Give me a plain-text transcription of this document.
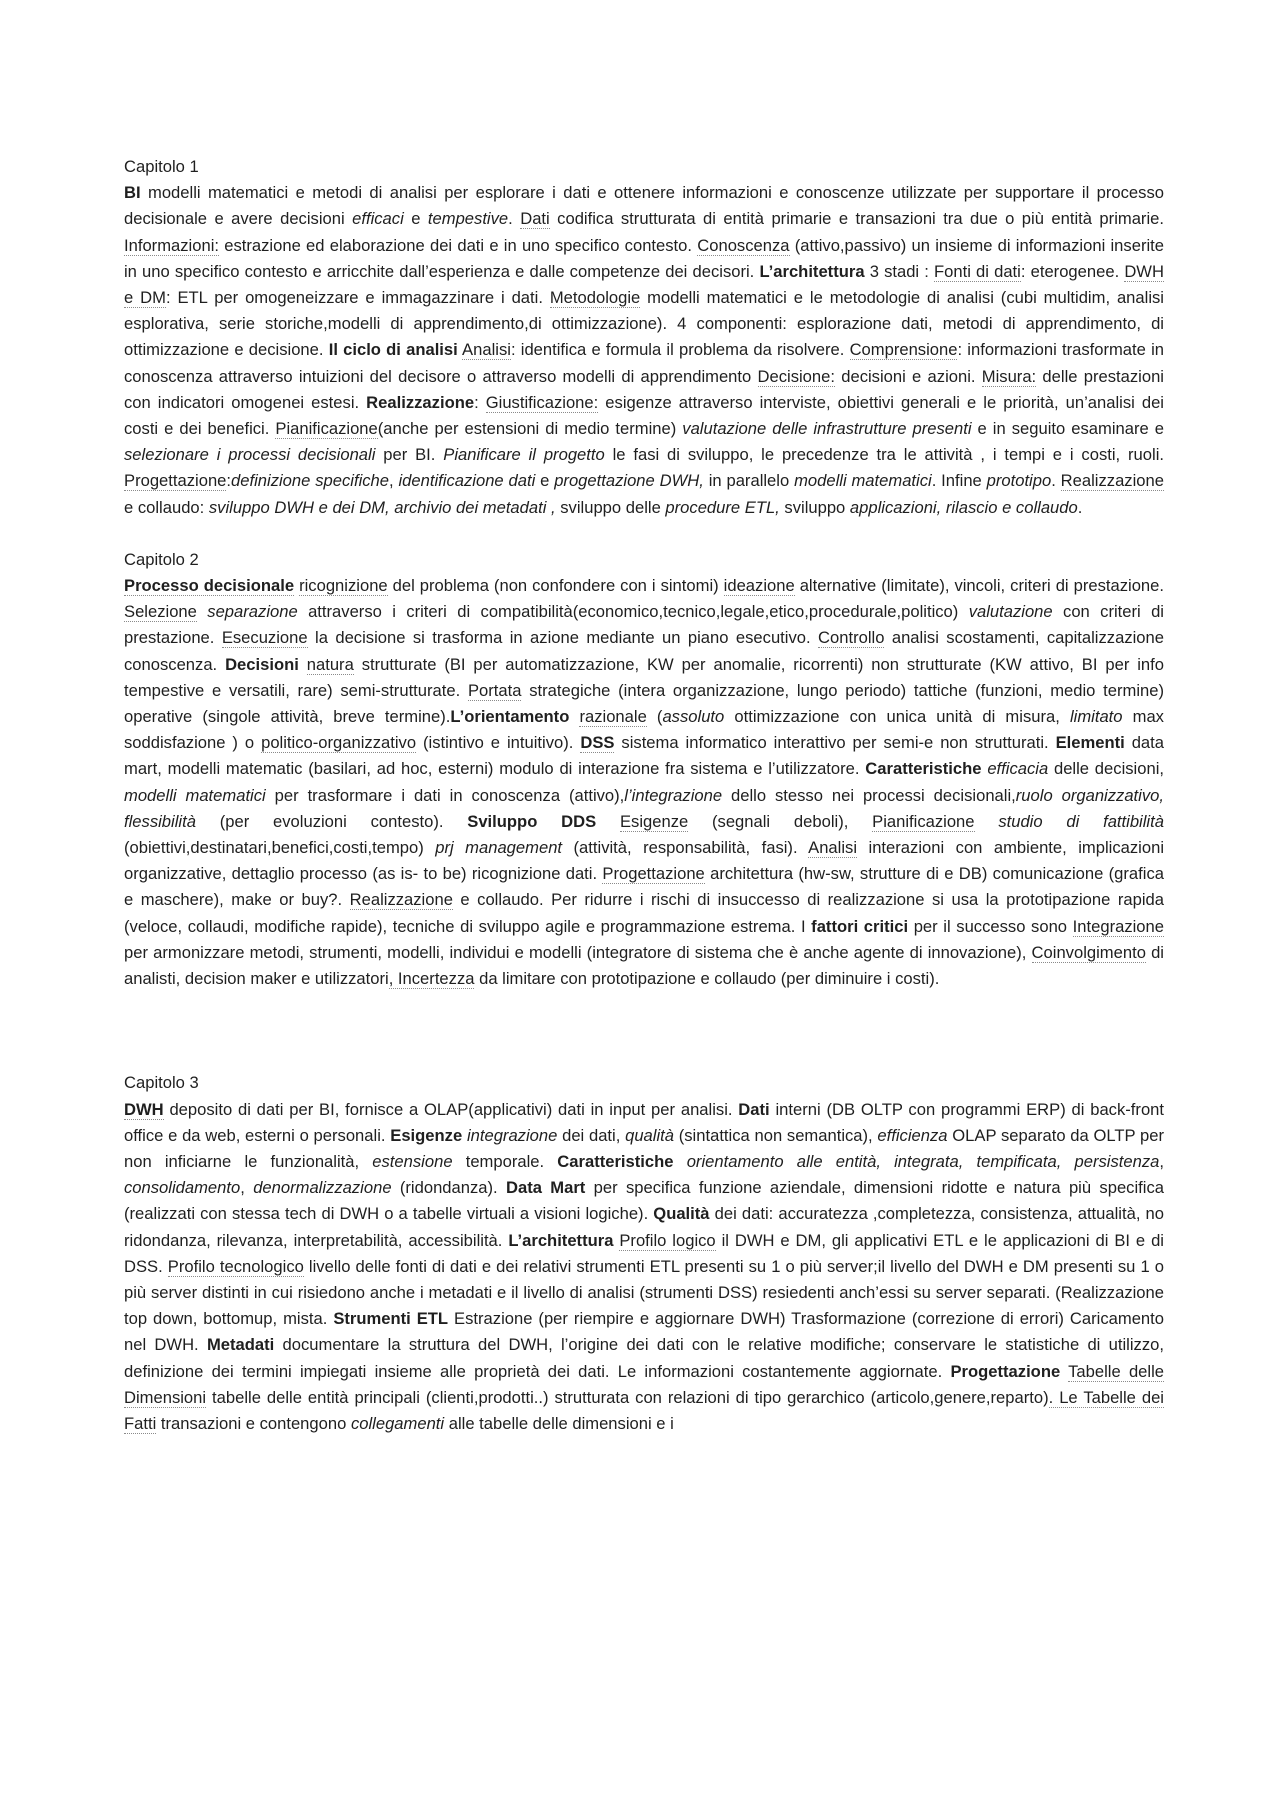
Capitolo 1

BI modelli matematici e metodi di analisi per esplorare i dati e ottenere informazioni e conoscenze utilizzate per supportare il processo decisionale e avere decisioni efficaci e tempestive. Dati codifica strutturata di entità primarie e transazioni tra due o più entità primarie. Informazioni: estrazione ed elaborazione dei dati e in uno specifico contesto. Conoscenza (attivo,passivo) un insieme di informazioni inserite in uno specifico contesto e arricchite dall’esperienza e dalle competenze dei decisori. L’architettura 3 stadi : Fonti di dati: eterogenee. DWH e DM: ETL per omogeneizzare e immagazzinare i dati. Metodologie modelli matematici e le metodologie di analisi (cubi multidim, analisi esplorativa, serie storiche,modelli di apprendimento,di ottimizzazione). 4 componenti: esplorazione dati, metodi di apprendimento, di ottimizzazione e decisione. Il ciclo di analisi Analisi: identifica e formula il problema da risolvere. Comprensione: informazioni trasformate in conoscenza attraverso intuizioni del decisore o attraverso modelli di apprendimento Decisione: decisioni e azioni. Misura: delle prestazioni con indicatori omogenei estesi. Realizzazione: Giustificazione: esigenze attraverso interviste, obiettivi generali e le priorità, un’analisi dei costi e dei benefici. Pianificazione(anche per estensioni di medio termine) valutazione delle infrastrutture presenti e in seguito esaminare e selezionare i processi decisionali per BI. Pianificare il progetto le fasi di sviluppo, le precedenze tra le attività , i tempi e i costi, ruoli. Progettazione:definizione specifiche, identificazione dati e progettazione DWH, in parallelo modelli matematici. Infine prototipo. Realizzazione e collaudo: sviluppo DWH e dei DM, archivio dei metadati , sviluppo delle procedure ETL, sviluppo applicazioni, rilascio e collaudo.

Capitolo 2

Processo decisionale ricognizione del problema (non confondere con i sintomi) ideazione alternative (limitate), vincoli, criteri di prestazione. Selezione separazione attraverso i criteri di compatibilità(economico,tecnico,legale,etico,procedurale,politico) valutazione con criteri di prestazione. Esecuzione la decisione si trasforma in azione mediante un piano esecutivo. Controllo analisi scostamenti, capitalizzazione conoscenza. Decisioni natura strutturate (BI per automatizzazione, KW per anomalie, ricorrenti) non strutturate (KW attivo, BI per info tempestive e versatili, rare) semi-strutturate. Portata strategiche (intera organizzazione, lungo periodo) tattiche (funzioni, medio termine) operative (singole attività, breve termine).L’orientamento razionale (assoluto ottimizzazione con unica unità di misura, limitato max soddisfazione ) o politico-organizzativo (istintivo e intuitivo). DSS sistema informatico interattivo per semi-e non strutturati. Elementi data mart, modelli matematic (basilari, ad hoc, esterni) modulo di interazione fra sistema e l’utilizzatore. Caratteristiche efficacia delle decisioni, modelli matematici per trasformare i dati in conoscenza (attivo),l’integrazione dello stesso nei processi decisionali,ruolo organizzativo, flessibilità (per evoluzioni contesto). Sviluppo DDS Esigenze (segnali deboli), Pianificazione studio di fattibilità (obiettivi,destinatari,benefici,costi,tempo) prj management (attività, responsabilità, fasi). Analisi interazioni con ambiente, implicazioni organizzative, dettaglio processo (as is- to be) ricognizione dati. Progettazione architettura (hw-sw, strutture di e DB) comunicazione (grafica e maschere), make or buy?. Realizzazione e collaudo. Per ridurre i rischi di insuccesso di realizzazione si usa la prototipazione rapida (veloce, collaudi, modifiche rapide), tecniche di sviluppo agile e programmazione estrema. I fattori critici per il successo sono Integrazione per armonizzare metodi, strumenti, modelli, individui e modelli (integratore di sistema che è anche agente di innovazione), Coinvolgimento di analisti, decision maker e utilizzatori, Incertezza da limitare con prototipazione e collaudo (per diminuire i costi).

Capitolo 3

DWH deposito di dati per BI, fornisce a OLAP(applicativi) dati in input per analisi. Dati interni (DB OLTP con programmi ERP) di back-front office e da web, esterni o personali. Esigenze integrazione dei dati, qualità (sintattica non semantica), efficienza OLAP separato da OLTP per non inficiarne le funzionalità, estensione temporale. Caratteristiche orientamento alle entità, integrata, tempificata, persistenza, consolidamento, denormalizzazione (ridondanza). Data Mart per specifica funzione aziendale, dimensioni ridotte e natura più specifica (realizzati con stessa tech di DWH o a tabelle virtuali a visioni logiche). Qualità dei dati: accuratezza ,completezza, consistenza, attualità, no ridondanza, rilevanza, interpretabilità, accessibilità. L’architettura Profilo logico il DWH e DM, gli applicativi ETL e le applicazioni di BI e di DSS. Profilo tecnologico livello delle fonti di dati e dei relativi strumenti ETL presenti su 1 o più server;il livello del DWH e DM presenti su 1 o più server distinti in cui risiedono anche i metadati e il livello di analisi (strumenti DSS) resiedenti anch’essi su server separati. (Realizzazione top down, bottomup, mista. Strumenti ETL Estrazione (per riempire e aggiornare DWH) Trasformazione (correzione di errori) Caricamento nel DWH. Metadati documentare la struttura del DWH, l’origine dei dati con le relative modifiche; conservare le statistiche di utilizzo, definizione dei termini impiegati insieme alle proprietà dei dati. Le informazioni costantemente aggiornate. Progettazione Tabelle delle Dimensioni tabelle delle entità principali (clienti,prodotti..) strutturata con relazioni di tipo gerarchico (articolo,genere,reparto). Le Tabelle dei Fatti transazioni e contengono collegamenti alle tabelle delle dimensioni e i
